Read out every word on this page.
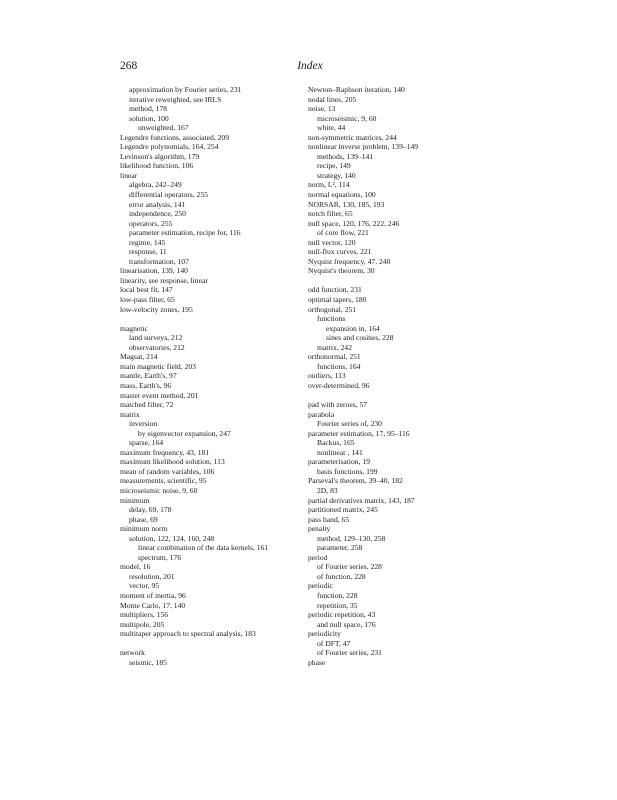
268	Index
approximation by Fourier series, 231
iterative reweighted, see IRLS
method, 178
solution, 100
unweighted, 167
Legendre functions, associated, 209
Legendre polynomials, 164, 254
Levinson's algorithm, 179
likelihood function, 106
linear
algebra, 242–249
differential operators, 255
error analysis, 141
independence, 250
operators, 255
parameter estimation, recipe for, 116
regime, 145
response, 11
transformation, 107
linearisation, 139, 140
linearity, see response, linear
local best fit, 147
low-pass filter, 65
low-velocity zones, 195
magnetic
land surveys, 212
observatories, 212
Magsat, 214
main magnetic field, 203
mantle, Earth's, 97
mass, Earth's, 96
master event method, 201
matched filter, 72
matrix
inversion
by eigenvector expansion, 247
sparse, 164
maximum frequency, 43, 181
maximum likelihood solution, 113
mean of random variables, 106
measurements, scientific, 95
microseismic noise, 9, 60
minimum
delay, 69, 178
phase, 69
minimum norm
solution, 122, 124, 160, 248
linear combination of the data kernels, 161
spectrum, 176
model, 16
resolution, 201
vector, 95
moment of inertia, 96
Monte Carlo, 17, 140
multipliers, 156
multipole, 205
multitaper approach to spectral analysis, 183
network
seismic, 185
Newton–Raphson iteration, 140
nodal lines, 205
noise, 13
microseismic, 9, 60
white, 44
non-symmetric matrices, 244
nonlinear inverse problem, 139–149
methods, 139–141
recipe, 149
strategy, 140
norm, L², 114
normal equations, 100
NORSAR, 130, 185, 193
notch filter, 65
null space, 120, 176, 222, 246
of core flow, 221
null vector, 120
null-flux curves, 221
Nyquist frequency, 47, 240
Nyquist's theorem, 30
odd function, 231
optimal tapers, 180
orthogonal, 251
functions
expansion in, 164
sines and cosines, 228
matrix, 242
orthonormal, 251
functions, 164
outliers, 113
over-determined, 96
pad with zeroes, 57
parabola
Fourier series of, 230
parameter estimation, 17, 95–116
Backus, 165
nonlinear , 141
parameterisation, 19
basis functions, 199
Parseval's theorem, 39–40, 182
2D, 83
partial derivatives matrix, 143, 187
partitioned matrix, 245
pass band, 65
penalty
method, 129–130, 258
parameter, 258
period
of Fourier series, 228
of function, 228
periodic
function, 228
repetition, 35
periodic repetition, 43
and null space, 176
periodicity
of DFT, 47
of Fourier series, 231
phase
